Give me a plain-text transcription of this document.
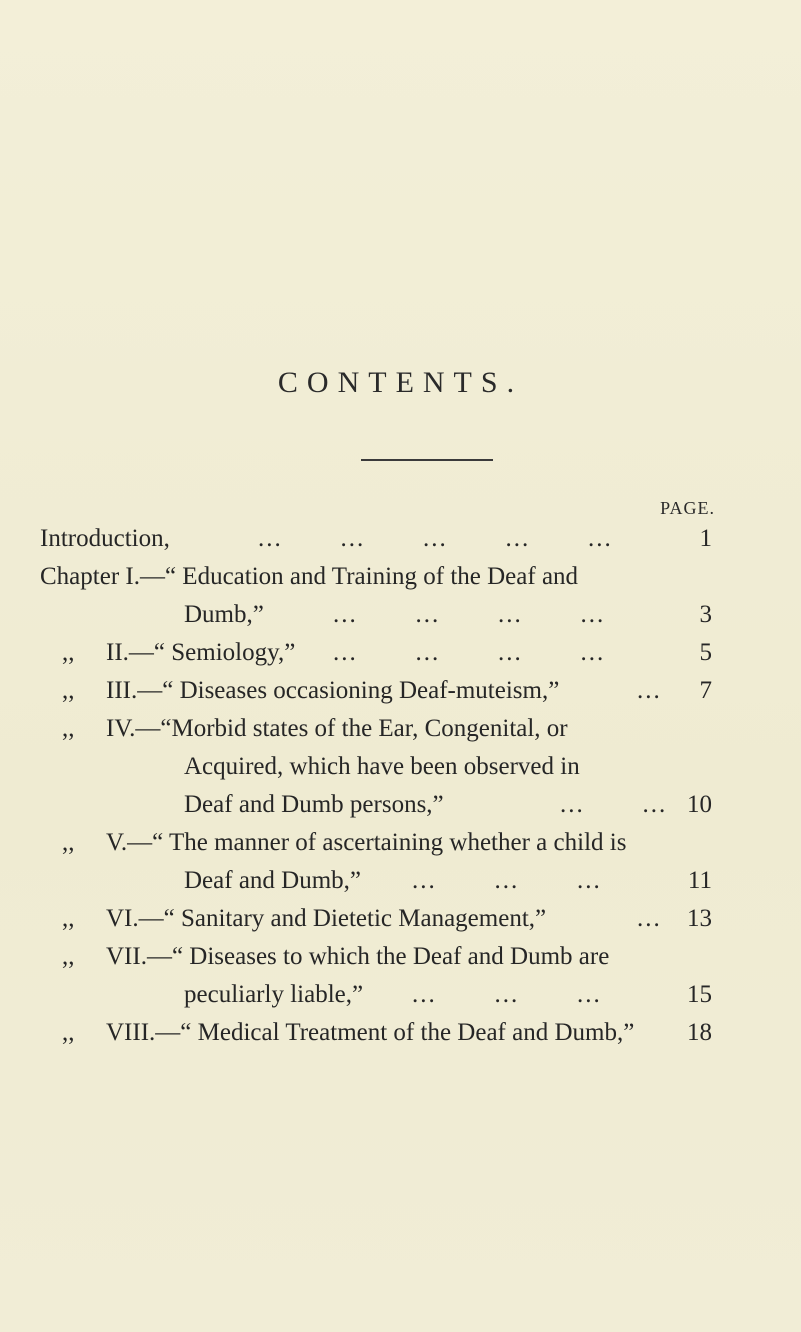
CONTENTS.
PAGE.
Introduction,	...       ...       ...       ...       ...	1
Chapter I.—“ Education and Training of the Deaf and
Dumb,”	...       ...       ...       ...	3
,, II.—“ Semiology,” ...       ...       ...       ...	5
,, III.—“ Diseases occasioning Deaf-muteism,”	... 7
,, IV.—“Morbid states of the Ear, Congenital, or
Acquired, which have been observed in
Deaf and Dumb persons,”	...       ... 10
,, V.—“ The manner of ascertaining whether a child is
Deaf and Dumb,” ...       ...       ...	11
,, VI.—“ Sanitary and Dietetic Management,”	... 13
,, VII.—“ Diseases to which the Deaf and Dumb are
peculiarly liable,” ...       ...       ...	15
,, VIII.—“ Medical Treatment of the Deaf and Dumb,” 18
